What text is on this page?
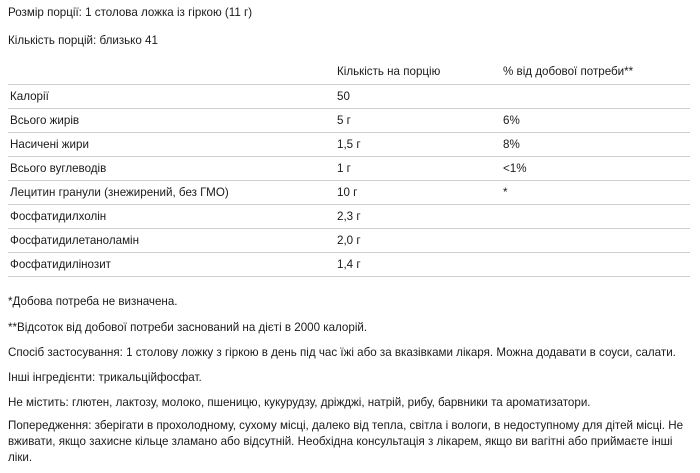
Розмір порції: 1 столова ложка із гіркою (11 г)
Кількість порцій: близько 41
	Кількість на порцію	% від добової потреби**
Калорії	50	
Всього жирів	5 г	6%
Насичені жири	1,5 г	8%
Всього вуглеводів	1 г	<1%
Лецитин гранули (знежирений, без ГМО)	10 г	*
Фосфатидилхолін	2,3 г	
Фосфатидилетаноламін	2,0 г	
Фосфатидилінозит	1,4 г	
*Добова потреба не визначена.
**Відсоток від добової потреби заснований на дієті в 2000 калорій.
Спосіб застосування: 1 столову ложку з гіркою в день під час їжі або за вказівками лікаря. Можна додавати в соуси, салати.
Інші інгредієнти: трикальційфосфат.
Не містить: глютен, лактозу, молоко, пшеницю, кукурудзу, дріжджі, натрій, рибу, барвники та ароматизатори.
Попередження: зберігати в прохолодному, сухому місці, далеко від тепла, світла і вологи, в недоступному для дітей місці. Не вживати, якщо захисне кільце зламано або відсутній. Необхідна консультація з лікарем, якщо ви вагітні або приймаєте інші ліки.
